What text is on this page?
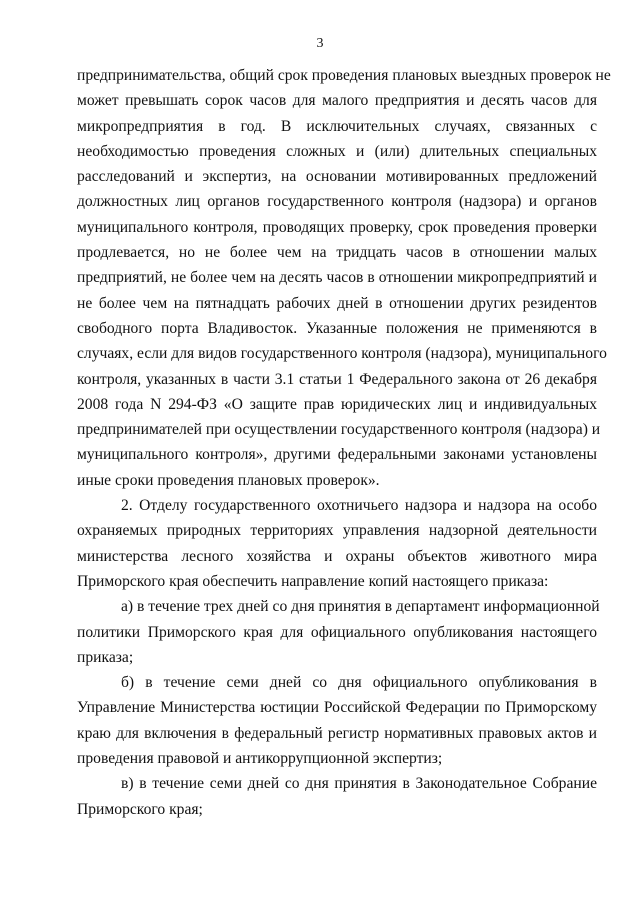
3
предпринимательства, общий срок проведения плановых выездных проверок не
может превышать сорок часов для малого предприятия и десять часов для
микропредприятия в год. В исключительных случаях, связанных с
необходимостью проведения сложных и (или) длительных специальных
расследований и экспертиз, на основании мотивированных предложений
должностных лиц органов государственного контроля (надзора) и органов
муниципального контроля, проводящих проверку, срок проведения проверки
продлевается, но не более чем на тридцать часов в отношении малых
предприятий, не более чем на десять часов в отношении микропредприятий и
не более чем на пятнадцать рабочих дней в отношении других резидентов
свободного порта Владивосток. Указанные положения не применяются в
случаях, если для видов государственного контроля (надзора), муниципального
контроля, указанных в части 3.1 статьи 1 Федерального закона от 26 декабря
2008 года N 294-ФЗ «О защите прав юридических лиц и индивидуальных
предпринимателей при осуществлении государственного контроля (надзора) и
муниципального контроля», другими федеральными законами установлены
иные сроки проведения плановых проверок».
2. Отделу государственного охотничьего надзора и надзора на особо
охраняемых природных территориях управления надзорной деятельности
министерства лесного хозяйства и охраны объектов животного мира
Приморского края обеспечить направление копий настоящего приказа:
а) в течение трех дней со дня принятия в департамент информационной
политики Приморского края для официального опубликования настоящего
приказа;
б) в течение семи дней со дня официального опубликования в
Управление Министерства юстиции Российской Федерации по Приморскому
краю для включения в федеральный регистр нормативных правовых актов и
проведения правовой и антикоррупционной экспертиз;
в) в течение семи дней со дня принятия в Законодательное Собрание
Приморского края;
